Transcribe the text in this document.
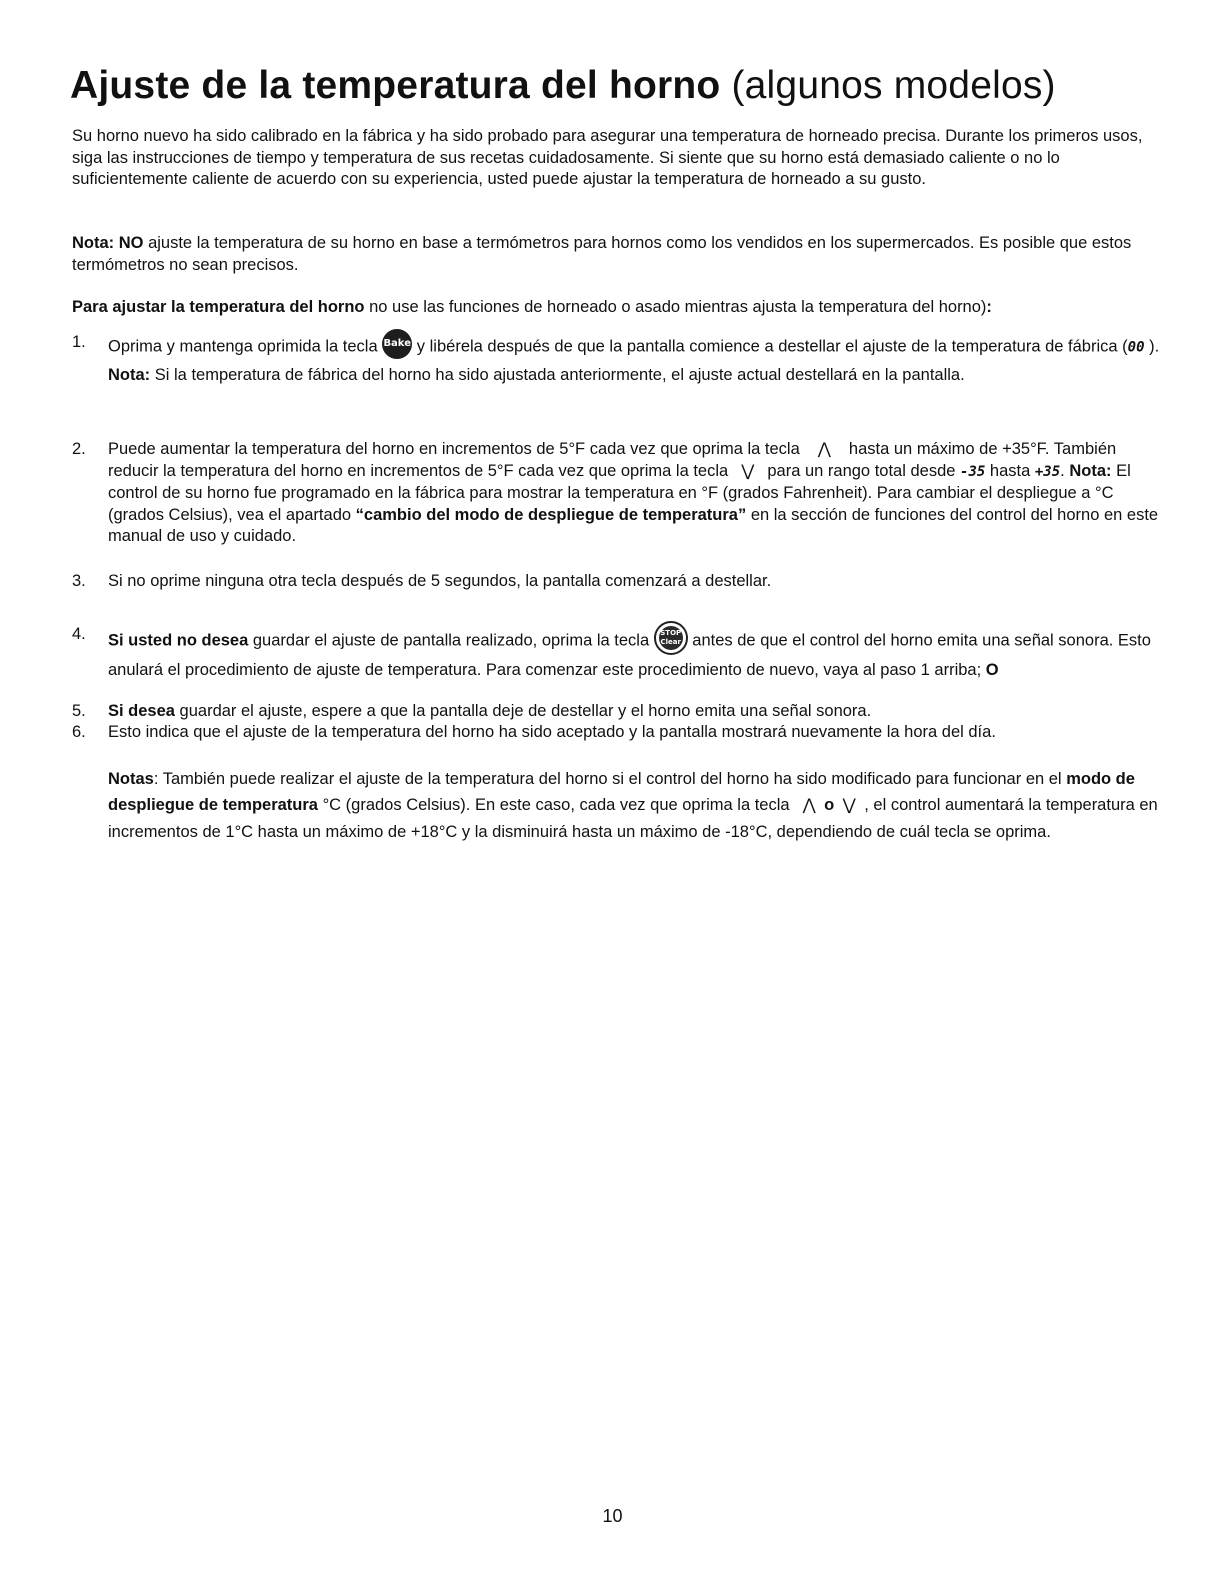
Ajuste de la temperatura del horno (algunos modelos)

Su horno nuevo ha sido calibrado en la fábrica y ha sido probado para asegurar una temperatura de horneado precisa. Durante los primeros usos, siga las instrucciones de tiempo y temperatura de sus recetas cuidadosamente. Si siente que su horno está demasiado caliente o no lo suficientemente caliente de acuerdo con su experiencia, usted puede ajustar la temperatura de horneado a su gusto.

Nota: NO ajuste la temperatura de su horno en base a termómetros para hornos como los vendidos en los supermercados. Es posible que estos termómetros no sean precisos.

Para ajustar la temperatura del horno no use las funciones de horneado o asado mientras ajusta la temperatura del horno):

1.	Oprima y mantenga oprimida la tecla Bake y libérela después de que la pantalla comience a destellar el ajuste de la temperatura de fábrica (00 ).
Nota: Si la temperatura de fábrica del horno ha sido ajustada anteriormente, el ajuste actual destellará en la pantalla.
2.	Puede aumentar la temperatura del horno en incrementos de 5°F cada vez que oprima la tecla ⋀ hasta un máximo de +35°F. También reducir la temperatura del horno en incrementos de 5°F cada vez que oprima la tecla ⋁ para un rango total desde -35 hasta +35. Nota: El control de su horno fue programado en la fábrica para mostrar la temperatura en °F (grados Fahrenheit). Para cambiar el despliegue a °C (grados Celsius), vea el apartado “cambio del modo de despliegue de temperatura” en la sección de funciones del control del horno en este manual de uso y cuidado.
3.	Si no oprime ninguna otra tecla después de 5 segundos, la pantalla comenzará a destellar.
4.	Si usted no desea guardar el ajuste de pantalla realizado, oprima la tecla STOP
Clear antes de que el control del horno emita una señal sonora. Esto anulará el procedimiento de ajuste de temperatura. Para comenzar este procedimiento de nuevo, vaya al paso 1 arriba; O
5.	Si desea guardar el ajuste, espere a que la pantalla deje de destellar y el horno emita una señal sonora.
6.	Esto indica que el ajuste de la temperatura del horno ha sido aceptado y la pantalla mostrará nuevamente la hora del día.
Notas: También puede realizar el ajuste de la temperatura del horno si el control del horno ha sido modificado para funcionar en el modo de despliegue de temperatura °C (grados Celsius). En este caso, cada vez que oprima la tecla ⋀ o ⋁ , el control aumentará la temperatura en incrementos de 1°C hasta un máximo de +18°C y la disminuirá hasta un máximo de -18°C, dependiendo de cuál tecla se oprima.
10
